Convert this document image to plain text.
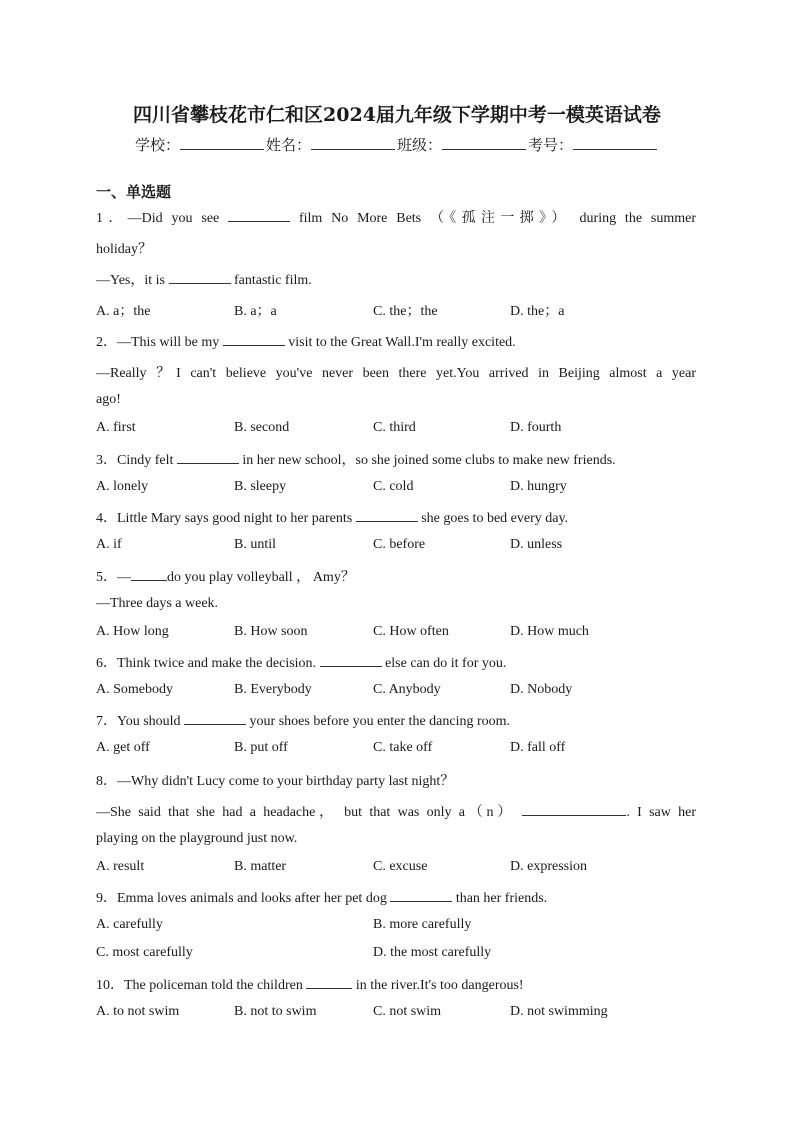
四川省攀枝花市仁和区2024届九年级下学期中考一模英语试卷
学校：	姓名：	班级：	考号：
一、单选题
1．—Did you see	film No More Bets （《孤注一掷》） during the summer
holiday？
—Yes，it is	fantastic film.
A. a；the	B. a；a	C. the；the	D. the；a
2．—This will be my	visit to the Great Wall.I'm really excited.
—Really ？I can't believe you've never been there yet.You arrived in Beijing almost a year
ago!
A. first	B. second	C. third	D. fourth
3．Cindy felt	in her new school，so she joined some clubs to make new friends.
A. lonely	B. sleepy	C. cold	D. hungry
4．Little Mary says good night to her parents	she goes to bed every day.
A. if	B. until	C. before	D. unless
5．—	do you play volleyball ， Amy？
—Three days a week.
A. How long	B. How soon	C. How often	D. How much
6．Think twice and make the decision.	else can do it for you.
A. Somebody	B. Everybody	C. Anybody	D. Nobody
7．You should	your shoes before you enter the dancing room.
A. get off	B. put off	C. take off	D. fall off
8．—Why didn't Lucy come to your birthday party last night？
—She said that she had a headache， but that was only a（n）	. I saw her
playing on the playground just now.
A. result	B. matter	C. excuse	D. expression
9．Emma loves animals and looks after her pet dog	than her friends.
A. carefully	B. more carefully
C. most carefully	D. the most carefully
10．The policeman told the children	in the river.It's too dangerous!
A. to not swim	B. not to swim	C. not swim	D. not swimming
